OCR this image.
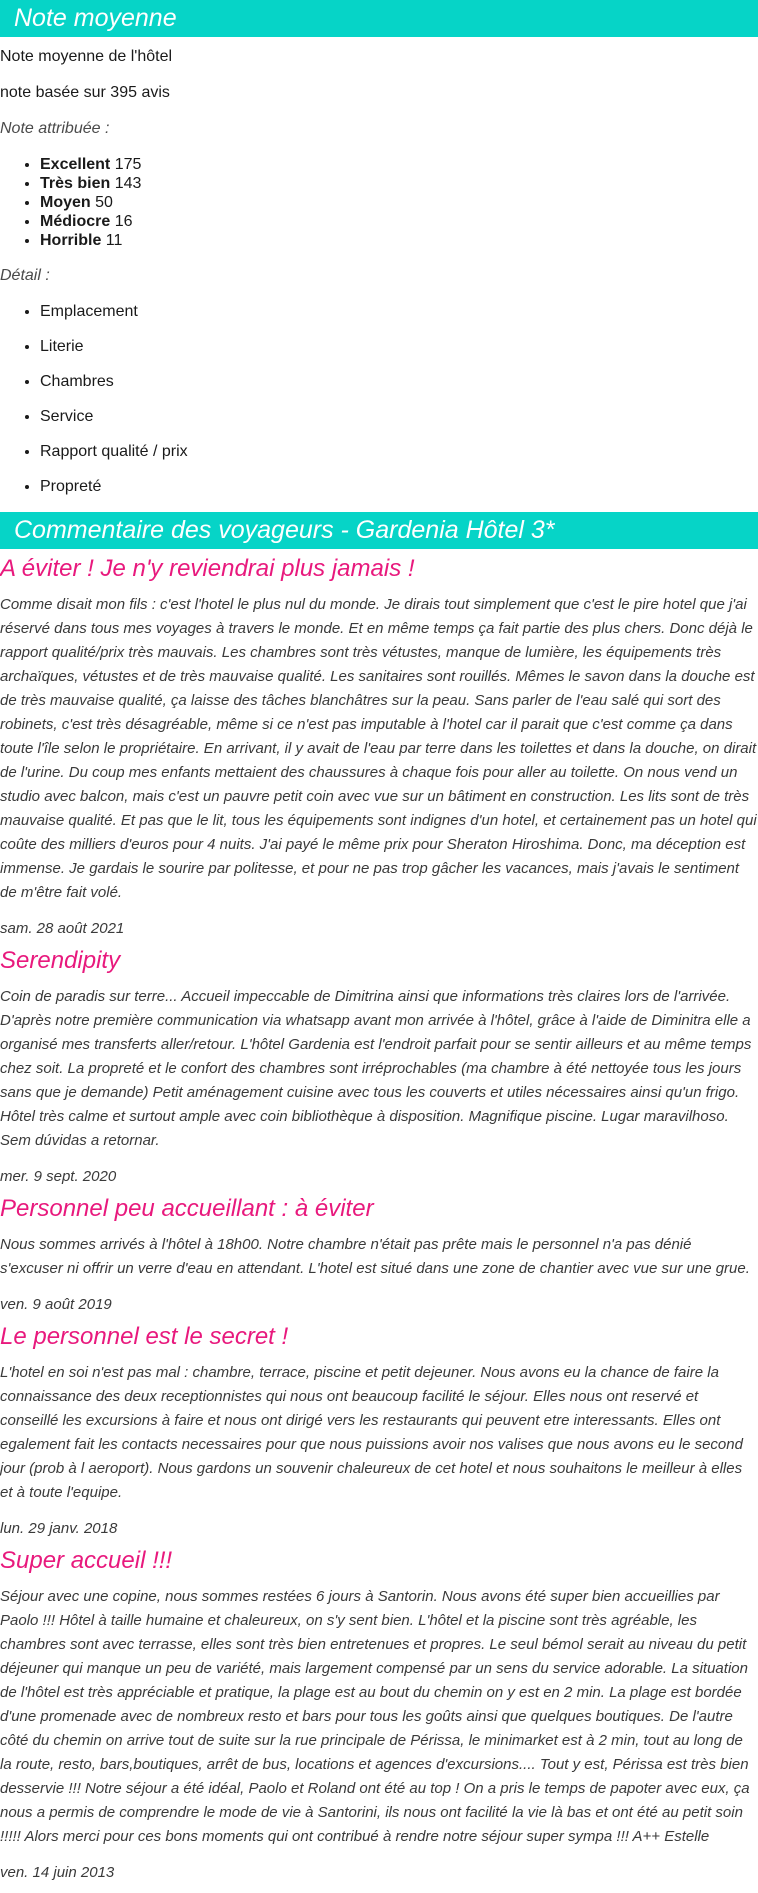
Note moyenne

Note moyenne de l'hôtel

note basée sur 395 avis

Note attribuée :

• Excellent 175
• Très bien 143
• Moyen 50
• Médiocre 16
• Horrible 11

Détail :

• Emplacement
• Literie
• Chambres
• Service
• Rapport qualité / prix
• Propreté
Commentaire des voyageurs - Gardenia Hôtel 3*
A éviter ! Je n'y reviendrai plus jamais !

Comme disait mon fils : c'est l'hotel le plus nul du monde. Je dirais tout simplement que c'est le pire hotel que j'ai réservé dans tous mes voyages à travers le monde. Et en même temps ça fait partie des plus chers. Donc déjà le rapport qualité/prix très mauvais. Les chambres sont très vétustes, manque de lumière, les équipements très archaïques, vétustes et de très mauvaise qualité. Les sanitaires sont rouillés. Mêmes le savon dans la douche est de très mauvaise qualité, ça laisse des tâches blanchâtres sur la peau. Sans parler de l'eau salé qui sort des robinets, c'est très désagréable, même si ce n'est pas imputable à l'hotel car il parait que c'est comme ça dans toute l'île selon le propriétaire. En arrivant, il y avait de l'eau par terre dans les toilettes et dans la douche, on dirait de l'urine. Du coup mes enfants mettaient des chaussures à chaque fois pour aller au toilette. On nous vend un studio avec balcon, mais c'est un pauvre petit coin avec vue sur un bâtiment en construction. Les lits sont de très mauvaise qualité. Et pas que le lit, tous les équipements sont indignes d'un hotel, et certainement pas un hotel qui coûte des milliers d'euros pour 4 nuits. J'ai payé le même prix pour Sheraton Hiroshima. Donc, ma déception est immense. Je gardais le sourire par politesse, et pour ne pas trop gâcher les vacances, mais j'avais le sentiment de m'être fait volé.

sam. 28 août 2021

Serendipity

Coin de paradis sur terre... Accueil impeccable de Dimitrina ainsi que informations très claires lors de l'arrivée. D'après notre première communication via whatsapp avant mon arrivée à l'hôtel, grâce à l'aide de Diminitra elle a organisé mes transferts aller/retour. L'hôtel Gardenia est l'endroit parfait pour se sentir ailleurs et au même temps chez soit. La propreté et le confort des chambres sont irréprochables (ma chambre à été nettoyée tous les jours sans que je demande) Petit aménagement cuisine avec tous les couverts et utiles nécessaires ainsi qu'un frigo. Hôtel très calme et surtout ample avec coin bibliothèque à disposition. Magnifique piscine. Lugar maravilhoso. Sem dúvidas a retornar.

mer. 9 sept. 2020

Personnel peu accueillant : à éviter

Nous sommes arrivés à l'hôtel à 18h00. Notre chambre n'était pas prête mais le personnel n'a pas dénié s'excuser ni offrir un verre d'eau en attendant. L'hotel est situé dans une zone de chantier avec vue sur une grue.

ven. 9 août 2019

Le personnel est le secret !

L'hotel en soi n'est pas mal : chambre, terrace, piscine et petit dejeuner. Nous avons eu la chance de faire la connaissance des deux receptionnistes qui nous ont beaucoup facilité le séjour. Elles nous ont reservé et conseillé les excursions à faire et nous ont dirigé vers les restaurants qui peuvent etre interessants. Elles ont egalement fait les contacts necessaires pour que nous puissions avoir nos valises que nous avons eu le second jour (prob à l aeroport). Nous gardons un souvenir chaleureux de cet hotel et nous souhaitons le meilleur à elles et à toute l'equipe.

lun. 29 janv. 2018

Super accueil !!!

Séjour avec une copine, nous sommes restées 6 jours à Santorin. Nous avons été super bien accueillies par Paolo !!! Hôtel à taille humaine et chaleureux, on s'y sent bien. L'hôtel et la piscine sont très agréable, les chambres sont avec terrasse, elles sont très bien entretenues et propres. Le seul bémol serait au niveau du petit déjeuner qui manque un peu de variété, mais largement compensé par un sens du service adorable. La situation de l'hôtel est très appréciable et pratique, la plage est au bout du chemin on y est en 2 min. La plage est bordée d'une promenade avec de nombreux resto et bars pour tous les goûts ainsi que quelques boutiques. De l'autre côté du chemin on arrive tout de suite sur la rue principale de Périssa, le minimarket est à 2 min, tout au long de la route, resto, bars,boutiques, arrêt de bus, locations et agences d'excursions.... Tout y est, Périssa est très bien desservie !!! Notre séjour a été idéal, Paolo et Roland ont été au top ! On a pris le temps de papoter avec eux, ça nous a permis de comprendre le mode de vie à Santorini, ils nous ont facilité la vie là bas et ont été au petit soin !!!!! Alors merci pour ces bons moments qui ont contribué à rendre notre séjour super sympa !!! A++ Estelle

ven. 14 juin 2013
